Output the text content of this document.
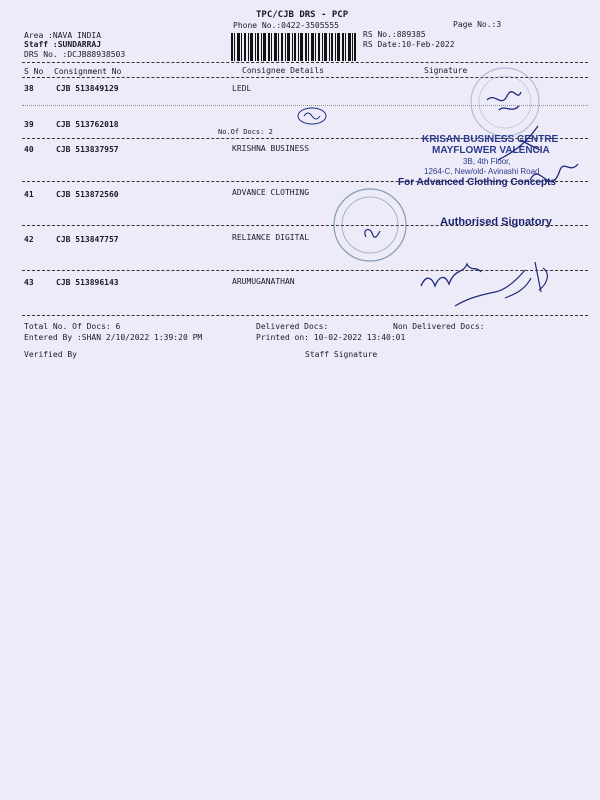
TPC/CJB DRS - PCP
Phone No.:0422-3505555	Page No.:3
Area :NAVA INDIA
Staff :SUNDARRAJ
DRS No. :DCJB88938503
RS No.:889385
RS Date:10-Feb-2022
S No Consignment No	Consignee Details	Signature
38	CJB 513849129	LEDL
39	CJB 513762018
No.Of Docs: 2
40	CJB 513837957	KRISHNA BUSINESS
41	CJB 513872560	ADVANCE CLOTHING
42	CJB 513847757	RELIANCE DIGITAL
43	CJB 513896143	ARUMUGANATHAN
Total No. Of Docs: 6	Delivered Docs:	Non Delivered Docs:
Entered By :SHAN 2/10/2022 1:39:20 PM	Printed on: 10-02-2022 13:40:01
Verified By	Staff Signature
KRISAN BUSINESS CENTRE
MAYFLOWER VALENCIA
3B, 4th Floor,
1264-C, New/old- Avinashi Road
For Advanced Clothing Concepts
Authorised Signatory
